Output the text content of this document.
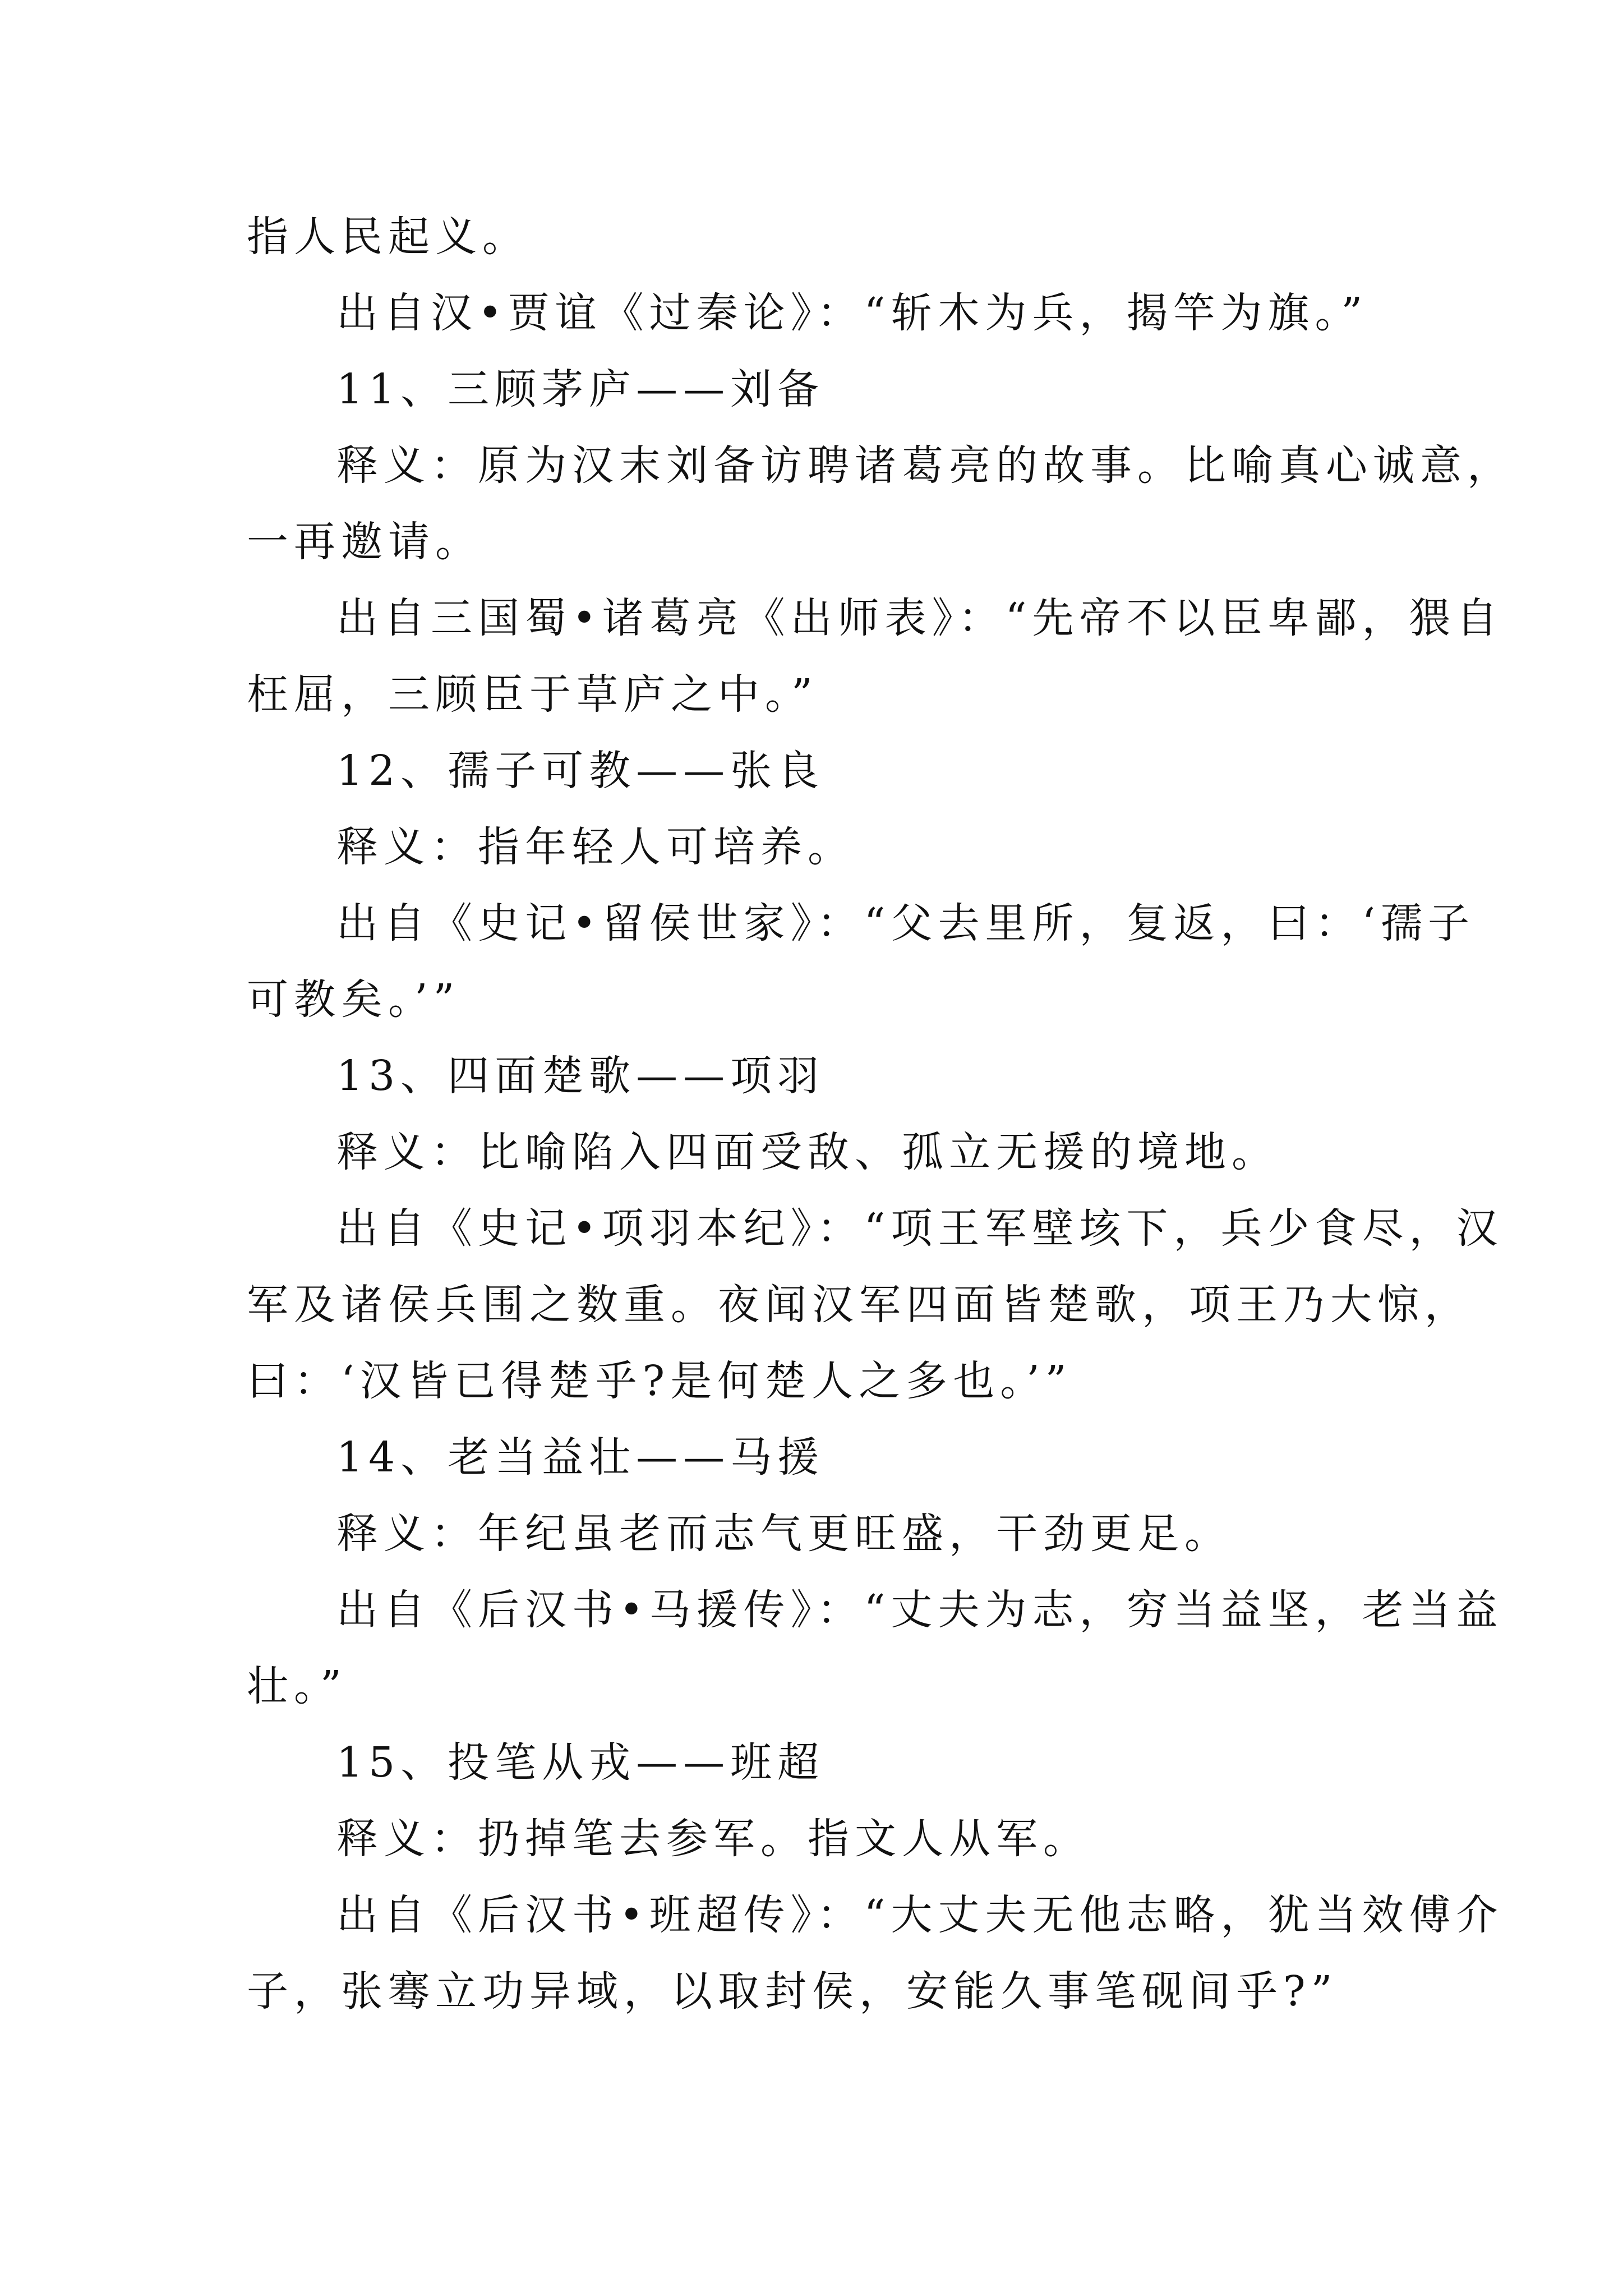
指人民起义。
出自汉•贾谊《过秦论》：“斩木为兵，揭竿为旗。”
11、三顾茅庐——刘备
释义：原为汉末刘备访聘诸葛亮的故事。比喻真心诚意，
一再邀请。
出自三国蜀•诸葛亮《出师表》：“先帝不以臣卑鄙，猥自
枉屈，三顾臣于草庐之中。”
12、孺子可教——张良
释义：指年轻人可培养。
出自《史记•留侯世家》：“父去里所，复返，曰：‘孺子
可教矣。’”
13、四面楚歌——项羽
释义：比喻陷入四面受敌、孤立无援的境地。
出自《史记•项羽本纪》：“项王军壁垓下，兵少食尽，汉
军及诸侯兵围之数重。夜闻汉军四面皆楚歌，项王乃大惊，
曰：‘汉皆已得楚乎?是何楚人之多也。’”
14、老当益壮——马援
释义：年纪虽老而志气更旺盛，干劲更足。
出自《后汉书•马援传》：“丈夫为志，穷当益坚，老当益
壮。”
15、投笔从戎——班超
释义：扔掉笔去参军。指文人从军。
出自《后汉书•班超传》：“大丈夫无他志略，犹当效傅介
子，张骞立功异域，以取封侯，安能久事笔砚间乎?”
